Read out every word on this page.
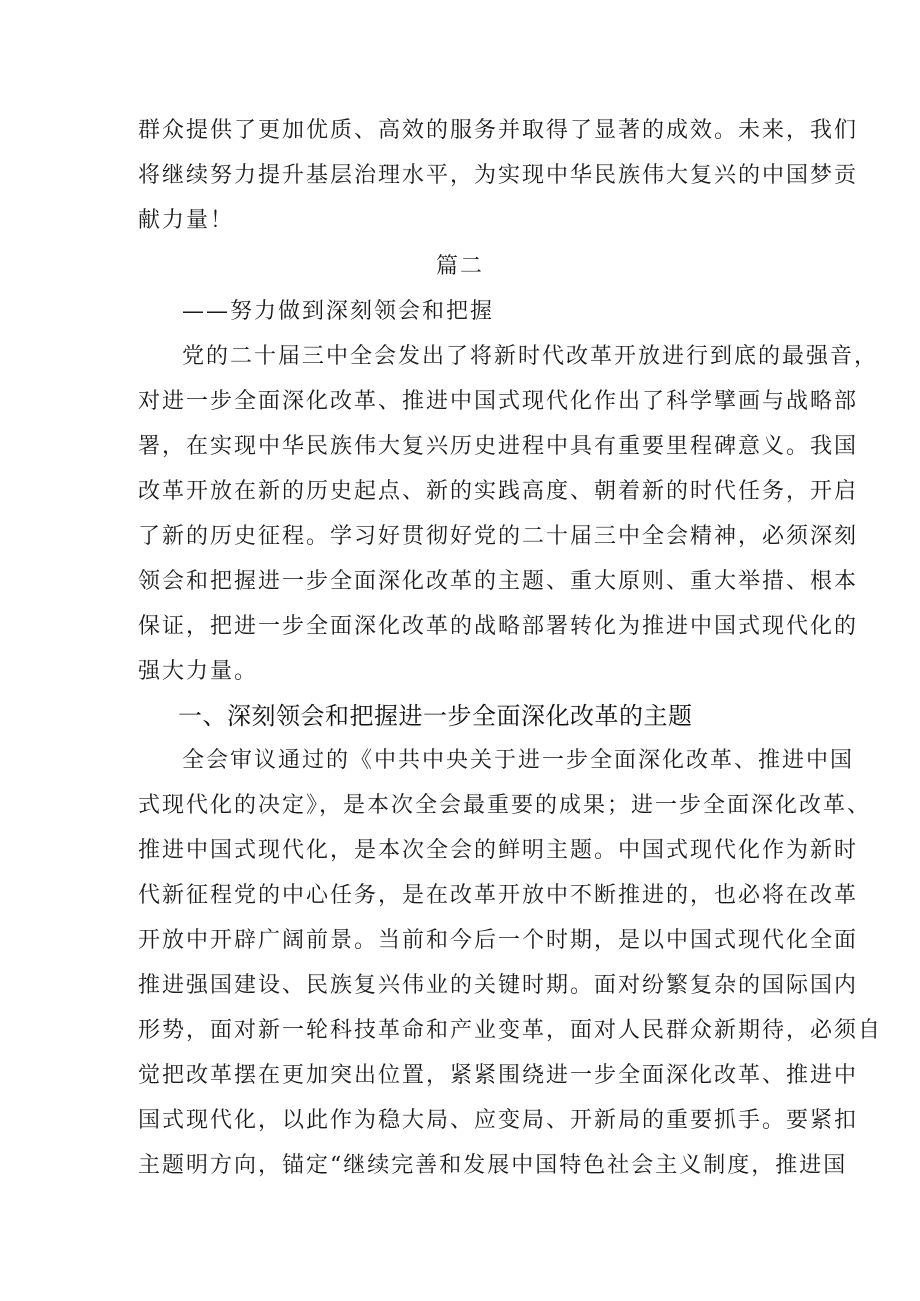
群众提供了更加优质、高效的服务并取得了显著的成效。未来，我们
将继续努力提升基层治理水平，为实现中华民族伟大复兴的中国梦贡
献力量！
篇二
——努力做到深刻领会和把握
党的二十届三中全会发出了将新时代改革开放进行到底的最强音，
对进一步全面深化改革、推进中国式现代化作出了科学擘画与战略部
署，在实现中华民族伟大复兴历史进程中具有重要里程碑意义。我国
改革开放在新的历史起点、新的实践高度、朝着新的时代任务，开启
了新的历史征程。学习好贯彻好党的二十届三中全会精神，必须深刻
领会和把握进一步全面深化改革的主题、重大原则、重大举措、根本
保证，把进一步全面深化改革的战略部署转化为推进中国式现代化的
强大力量。
一、深刻领会和把握进一步全面深化改革的主题
全会审议通过的《中共中央关于进一步全面深化改革、推进中国
式现代化的决定》，是本次全会最重要的成果；进一步全面深化改革、
推进中国式现代化，是本次全会的鲜明主题。中国式现代化作为新时
代新征程党的中心任务，是在改革开放中不断推进的，也必将在改革
开放中开辟广阔前景。当前和今后一个时期，是以中国式现代化全面
推进强国建设、民族复兴伟业的关键时期。面对纷繁复杂的国际国内
形势，面对新一轮科技革命和产业变革，面对人民群众新期待，必须自
觉把改革摆在更加突出位置，紧紧围绕进一步全面深化改革、推进中
国式现代化，以此作为稳大局、应变局、开新局的重要抓手。要紧扣
主题明方向，锚定“继续完善和发展中国特色社会主义制度，推进国
